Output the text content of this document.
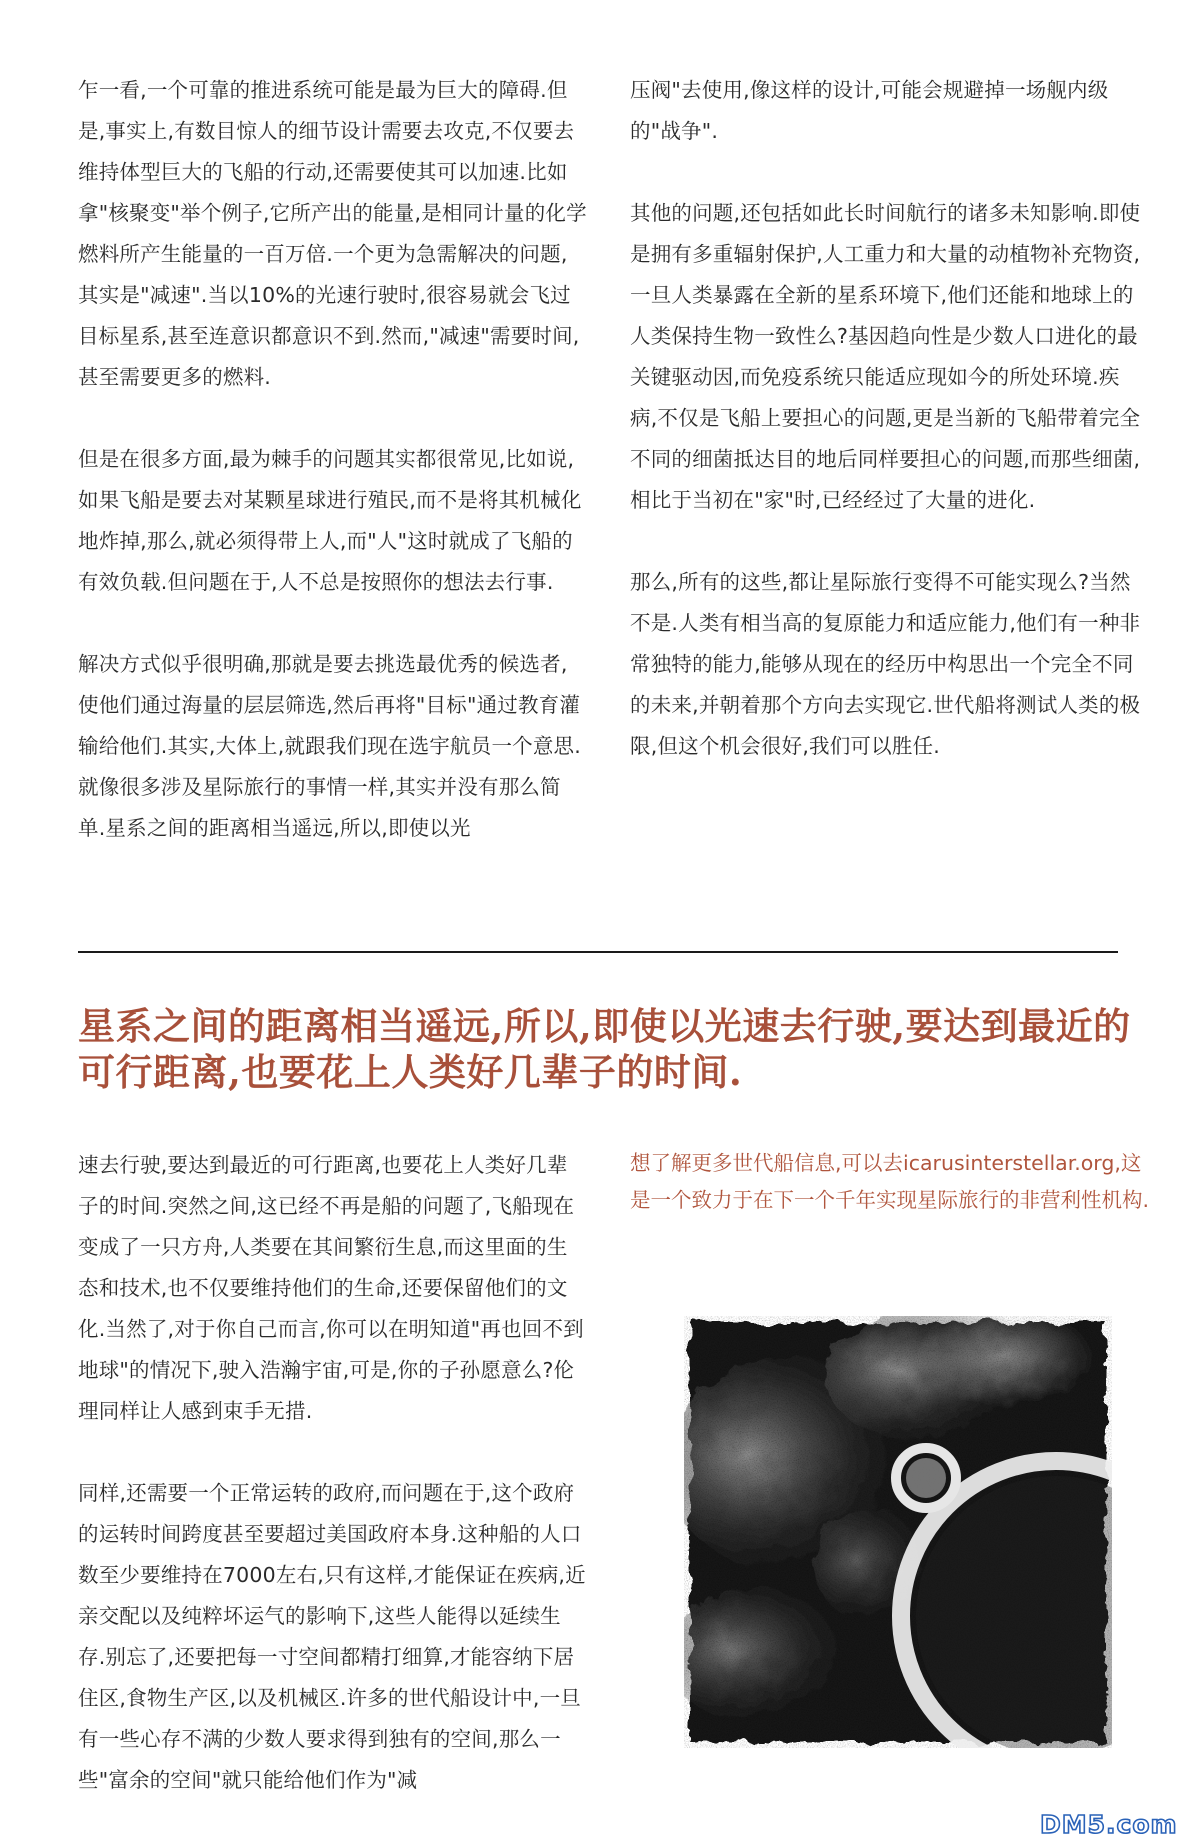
乍一看,一个可靠的推进系统可能是最为巨大的障碍.但是,事实上,有数目惊人的细节设计需要去攻克,不仅要去维持体型巨大的飞船的行动,还需要使其可以加速.比如拿"核聚变"举个例子,它所产出的能量,是相同计量的化学燃料所产生能量的一百万倍.一个更为急需解决的问题,其实是"减速".当以10%的光速行驶时,很容易就会飞过目标星系,甚至连意识都意识不到.然而,"减速"需要时间,甚至需要更多的燃料.

但是在很多方面,最为棘手的问题其实都很常见,比如说,如果飞船是要去对某颗星球进行殖民,而不是将其机械化地炸掉,那么,就必须得带上人,而"人"这时就成了飞船的有效负载.但问题在于,人不总是按照你的想法去行事.

解决方式似乎很明确,那就是要去挑选最优秀的候选者,使他们通过海量的层层筛选,然后再将"目标"通过教育灌输给他们.其实,大体上,就跟我们现在选宇航员一个意思.就像很多涉及星际旅行的事情一样,其实并没有那么简单.星系之间的距离相当遥远,所以,即使以光

压阀"去使用,像这样的设计,可能会规避掉一场舰内级的"战争".

其他的问题,还包括如此长时间航行的诸多未知影响.即使是拥有多重辐射保护,人工重力和大量的动植物补充物资,一旦人类暴露在全新的星系环境下,他们还能和地球上的人类保持生物一致性么?基因趋向性是少数人口进化的最关键驱动因,而免疫系统只能适应现如今的所处环境.疾病,不仅是飞船上要担心的问题,更是当新的飞船带着完全不同的细菌抵达目的地后同样要担心的问题,而那些细菌,相比于当初在"家"时,已经经过了大量的进化.

那么,所有的这些,都让星际旅行变得不可能实现么?当然不是.人类有相当高的复原能力和适应能力,他们有一种非常独特的能力,能够从现在的经历中构思出一个完全不同的未来,并朝着那个方向去实现它.世代船将测试人类的极限,但这个机会很好,我们可以胜任.

星系之间的距离相当遥远,所以,即使以光速去行驶,要达到最近的可行距离,也要花上人类好几辈子的时间.

速去行驶,要达到最近的可行距离,也要花上人类好几辈子的时间.突然之间,这已经不再是船的问题了,飞船现在变成了一只方舟,人类要在其间繁衍生息,而这里面的生态和技术,也不仅要维持他们的生命,还要保留他们的文化.当然了,对于你自己而言,你可以在明知道"再也回不到地球"的情况下,驶入浩瀚宇宙,可是,你的子孙愿意么?伦理同样让人感到束手无措.

同样,还需要一个正常运转的政府,而问题在于,这个政府的运转时间跨度甚至要超过美国政府本身.这种船的人口数至少要维持在7000左右,只有这样,才能保证在疾病,近亲交配以及纯粹坏运气的影响下,这些人能得以延续生存.别忘了,还要把每一寸空间都精打细算,才能容纳下居住区,食物生产区,以及机械区.许多的世代船设计中,一旦有一些心存不满的少数人要求得到独有的空间,那么一些"富余的空间"就只能给他们作为"减

想了解更多世代船信息,可以去icarusinterstellar.org,这是一个致力于在下一个千年实现星际旅行的非营利性机构.
DM5.com
